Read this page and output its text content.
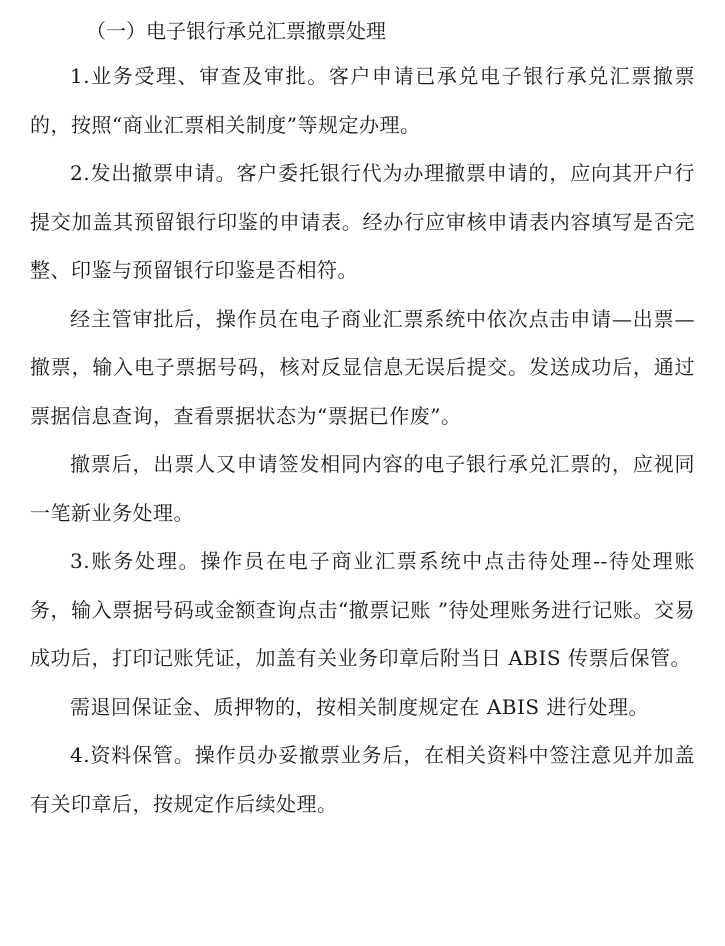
（一）电子银行承兑汇票撤票处理

1.业务受理、审查及审批。客户申请已承兑电子银行承兑汇票撤票的，按照“商业汇票相关制度”等规定办理。

2.发出撤票申请。客户委托银行代为办理撤票申请的，应向其开户行提交加盖其预留银行印鉴的申请表。经办行应审核申请表内容填写是否完整、印鉴与预留银行印鉴是否相符。

经主管审批后，操作员在电子商业汇票系统中依次点击申请—出票—撤票，输入电子票据号码，核对反显信息无误后提交。发送成功后，通过票据信息查询，查看票据状态为“票据已作废”。

撤票后，出票人又申请签发相同内容的电子银行承兑汇票的，应视同一笔新业务处理。

3.账务处理。操作员在电子商业汇票系统中点击待处理--待处理账务，输入票据号码或金额查询点击“撤票记账 ”待处理账务进行记账。交易成功后，打印记账凭证，加盖有关业务印章后附当日 ABIS 传票后保管。

需退回保证金、质押物的，按相关制度规定在 ABIS 进行处理。

4.资料保管。操作员办妥撤票业务后，在相关资料中签注意见并加盖有关印章后，按规定作后续处理。
